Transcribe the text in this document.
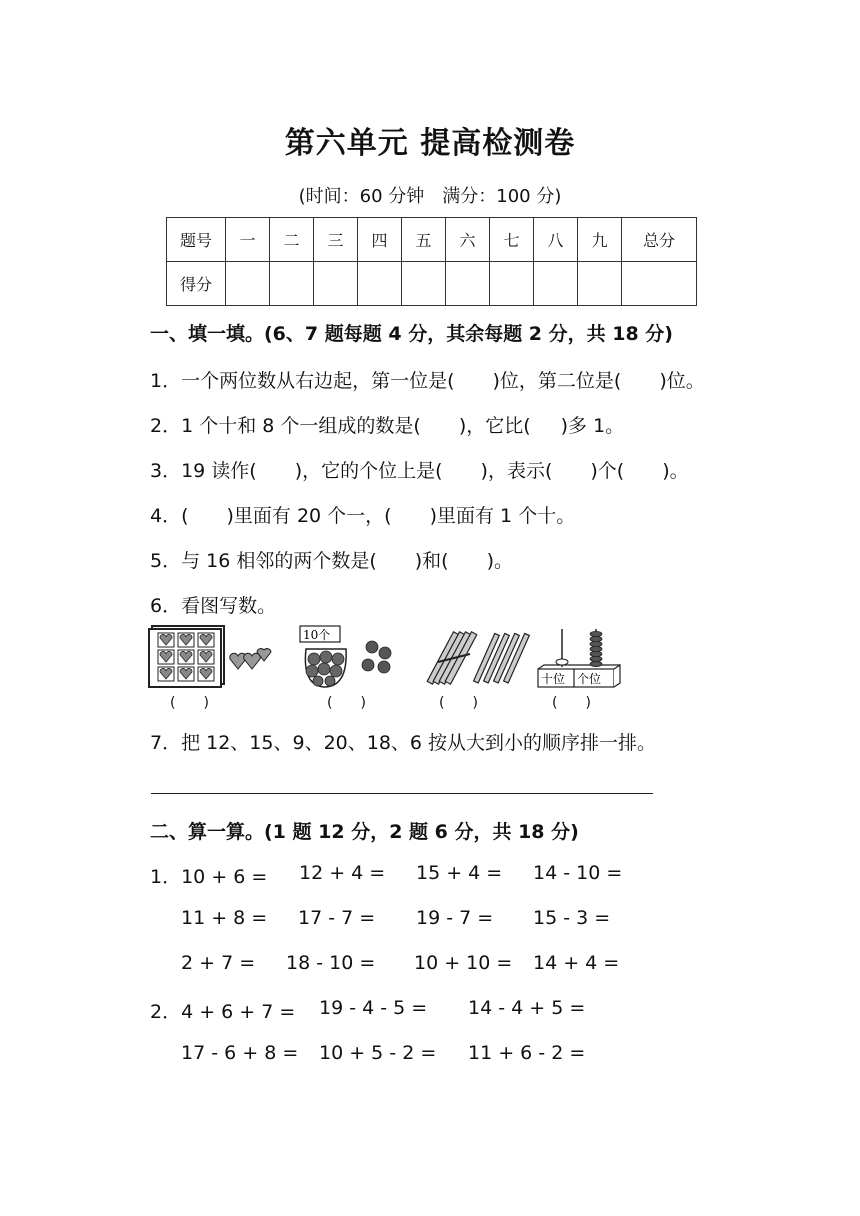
第六单元 提高检测卷
(时间：60 分钟　满分：100 分)
题号	一	二	三	四	五	六	七	八	九	总分
得分										
一、填一填。(6、7 题每题 4 分，其余每题 2 分，共 18 分)
1．一个两位数从右边起，第一位是( )位，第二位是( )位。
2．1 个十和 8 个一组成的数是( )，它比( )多 1。
3．19 读作( )，它的个位上是( )，表示( )个( )。
4．( )里面有 20 个一，( )里面有 1 个十。
5．与 16 相邻的两个数是( )和( )。
6．看图写数。
10个
十位 个位
(　　)	(　　)	(　　)	(　　)
7．把 12、15、9、20、18、6 按从大到小的顺序排一排。
二、算一算。(1 题 12 分，2 题 6 分，共 18 分)
1．10 + 6 = 12 + 4 = 15 + 4 = 14 - 10 =
11 + 8 = 17 - 7 = 19 - 7 = 15 - 3 =
2 + 7 = 18 - 10 = 10 + 10 = 14 + 4 =
2．4 + 6 + 7 = 19 - 4 - 5 = 14 - 4 + 5 =
17 - 6 + 8 = 10 + 5 - 2 = 11 + 6 - 2 =
